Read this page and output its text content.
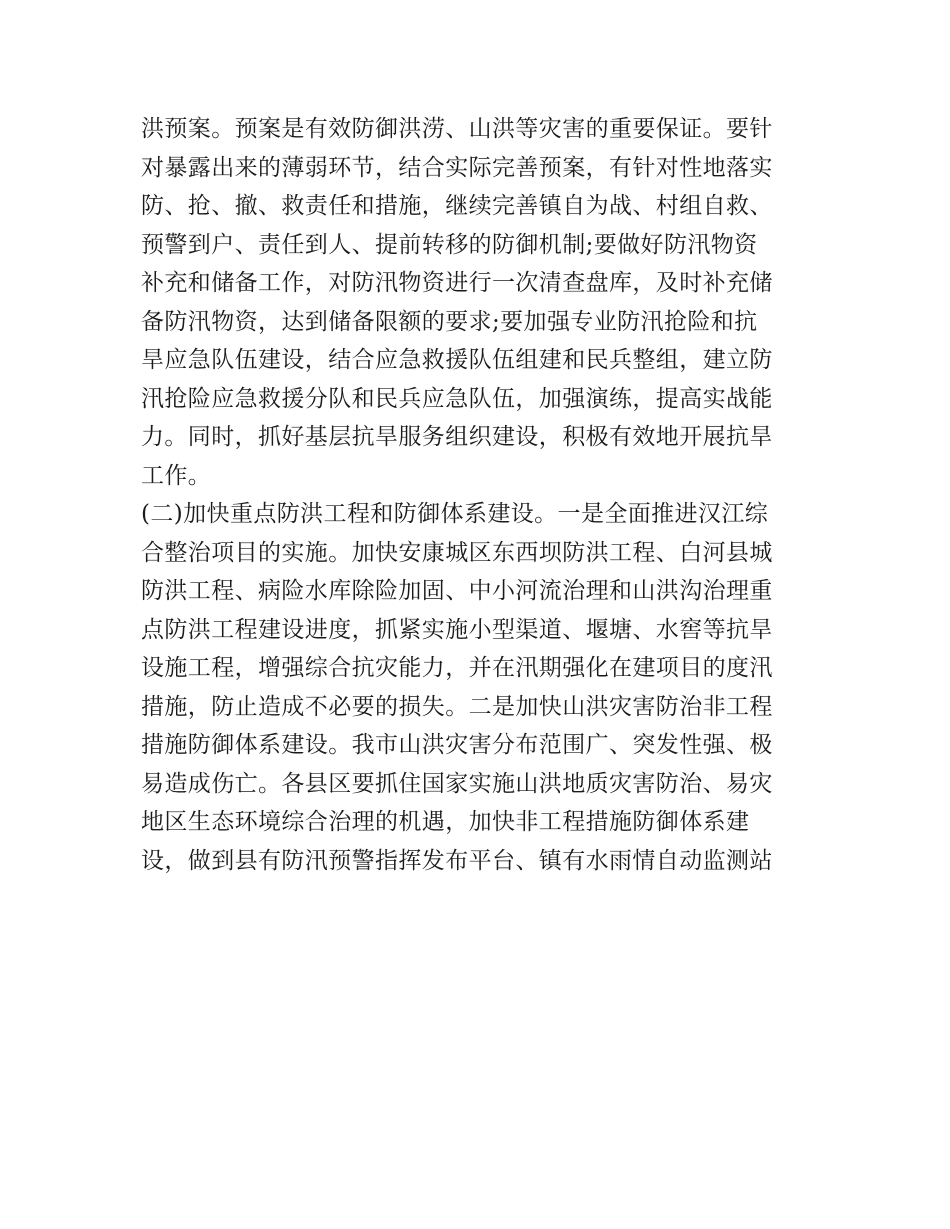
洪预案。预案是有效防御洪涝、山洪等灾害的重要保证。要针
对暴露出来的薄弱环节，结合实际完善预案，有针对性地落实
防、抢、撤、救责任和措施，继续完善镇自为战、村组自救、
预警到户、责任到人、提前转移的防御机制;要做好防汛物资
补充和储备工作，对防汛物资进行一次清查盘库，及时补充储
备防汛物资，达到储备限额的要求;要加强专业防汛抢险和抗
旱应急队伍建设，结合应急救援队伍组建和民兵整组，建立防
汛抢险应急救援分队和民兵应急队伍，加强演练，提高实战能
力。同时，抓好基层抗旱服务组织建设，积极有效地开展抗旱
工作。
(二)加快重点防洪工程和防御体系建设。一是全面推进汉江综
合整治项目的实施。加快安康城区东西坝防洪工程、白河县城
防洪工程、病险水库除险加固、中小河流治理和山洪沟治理重
点防洪工程建设进度，抓紧实施小型渠道、堰塘、水窖等抗旱
设施工程，增强综合抗灾能力，并在汛期强化在建项目的度汛
措施，防止造成不必要的损失。二是加快山洪灾害防治非工程
措施防御体系建设。我市山洪灾害分布范围广、突发性强、极
易造成伤亡。各县区要抓住国家实施山洪地质灾害防治、易灾
地区生态环境综合治理的机遇，加快非工程措施防御体系建
设，做到县有防汛预警指挥发布平台、镇有水雨情自动监测站
